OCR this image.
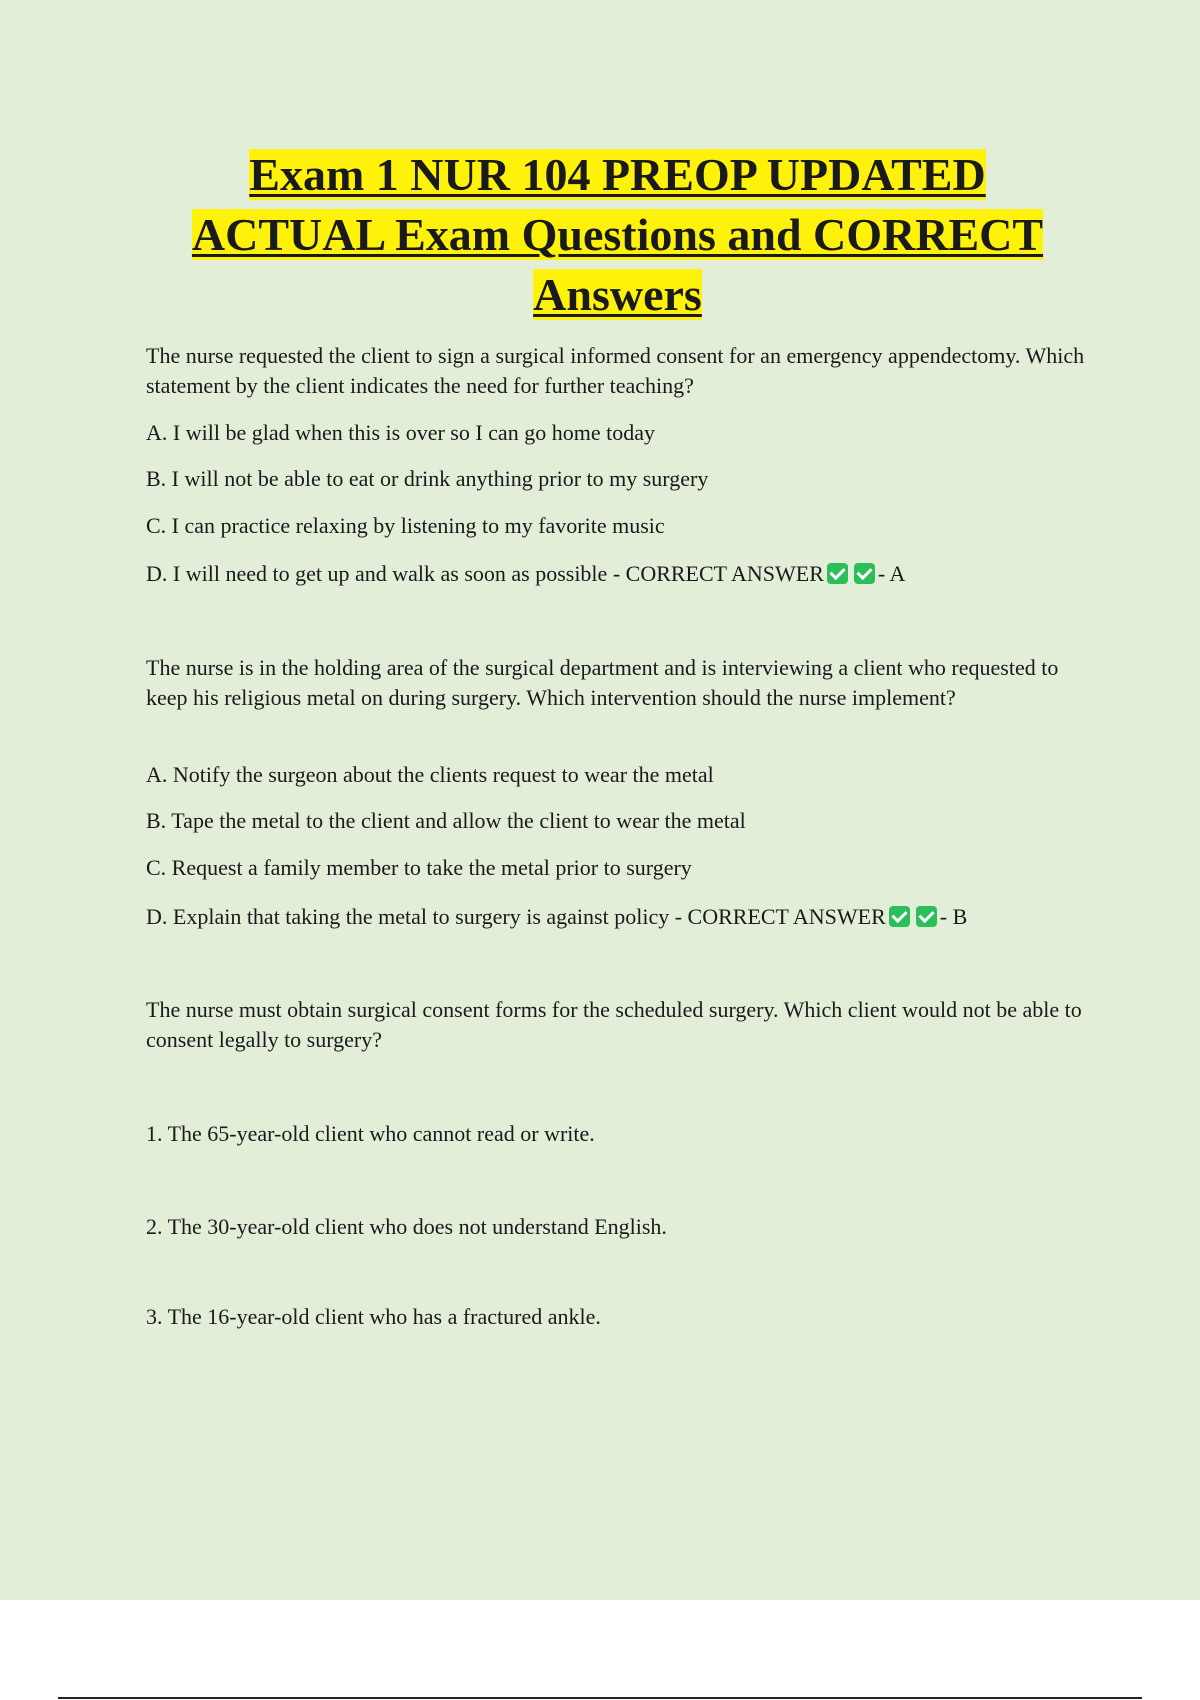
Exam 1 NUR 104 PREOP UPDATED
ACTUAL Exam Questions and CORRECT
Answers

The nurse requested the client to sign a surgical informed consent for an emergency appendectomy. Which statement by the client indicates the need for further teaching?

A. I will be glad when this is over so I can go home today

B. I will not be able to eat or drink anything prior to my surgery

C. I can practice relaxing by listening to my favorite music

D. I will need to get up and walk as soon as possible - CORRECT ANSWER - A

The nurse is in the holding area of the surgical department and is interviewing a client who requested to keep his religious metal on during surgery. Which intervention should the nurse implement?

A. Notify the surgeon about the clients request to wear the metal

B. Tape the metal to the client and allow the client to wear the metal

C. Request a family member to take the metal prior to surgery

D. Explain that taking the metal to surgery is against policy - CORRECT ANSWER - B

The nurse must obtain surgical consent forms for the scheduled surgery. Which client would not be able to consent legally to surgery?

1. The 65-year-old client who cannot read or write.

2. The 30-year-old client who does not understand English.

3. The 16-year-old client who has a fractured ankle.
